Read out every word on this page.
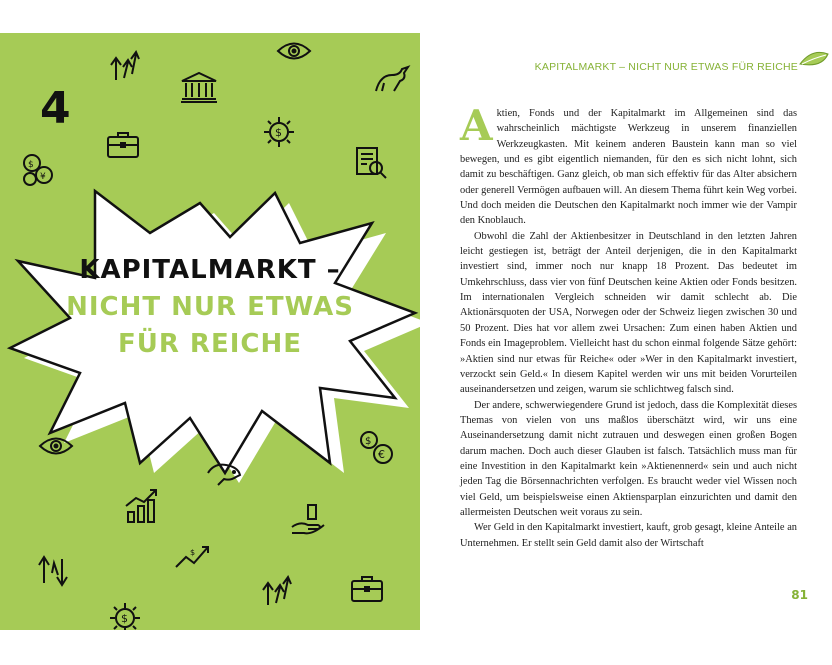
4	$
$
¥
KAPITALMARKT –
NICHT NUR ETWAS
FÜR REICHE
$
€
$
$
KAPITALMARKT – NICHT NUR ETWAS FÜR REICHE

Aktien, Fonds und der Kapitalmarkt im Allgemeinen sind das wahrscheinlich mächtigste Werkzeug in unserem finanziellen Werkzeugkasten. Mit keinem anderen Baustein kann man so viel bewegen, und es gibt eigentlich niemanden, für den es sich nicht lohnt, sich damit zu beschäftigen. Ganz gleich, ob man sich effektiv für das Alter absichern oder generell Vermögen aufbauen will. An diesem Thema führt kein Weg vorbei. Und doch meiden die Deutschen den Kapitalmarkt noch immer wie der Vampir den Knoblauch.

Obwohl die Zahl der Aktienbesitzer in Deutschland in den letzten Jahren leicht gestiegen ist, beträgt der Anteil derjenigen, die in den Kapitalmarkt investiert sind, immer noch nur knapp 18 Prozent. Das bedeutet im Umkehrschluss, dass vier von fünf Deutschen keine Aktien oder Fonds besitzen. Im internationalen Vergleich schneiden wir damit schlecht ab. Die Aktionärsquoten der USA, Norwegen oder der Schweiz liegen zwischen 30 und 50 Prozent. Dies hat vor allem zwei Ursachen: Zum einen haben Aktien und Fonds ein Imageproblem. Vielleicht hast du schon einmal folgende Sätze gehört: »Aktien sind nur etwas für Reiche« oder »Wer in den Kapitalmarkt investiert, verzockt sein Geld.« In diesem Kapitel werden wir uns mit beiden Vorurteilen auseinandersetzen und zeigen, warum sie schlichtweg falsch sind.

Der andere, schwerwiegendere Grund ist jedoch, dass die Komplexität dieses Themas von vielen von uns maßlos überschätzt wird, wir uns eine Auseinandersetzung damit nicht zutrauen und deswegen einen großen Bogen darum machen. Doch auch dieser Glauben ist falsch. Tatsächlich muss man für eine Investition in den Kapitalmarkt kein »Aktienennerd« sein und auch nicht jeden Tag die Börsennachrichten verfolgen. Es braucht weder viel Wissen noch viel Geld, um beispielsweise einen Aktiensparplan einzurichten und damit den allermeisten Deutschen weit voraus zu sein.

Wer Geld in den Kapitalmarkt investiert, kauft, grob gesagt, kleine Anteile an Unternehmen. Er stellt sein Geld damit also der Wirtschaft

81
